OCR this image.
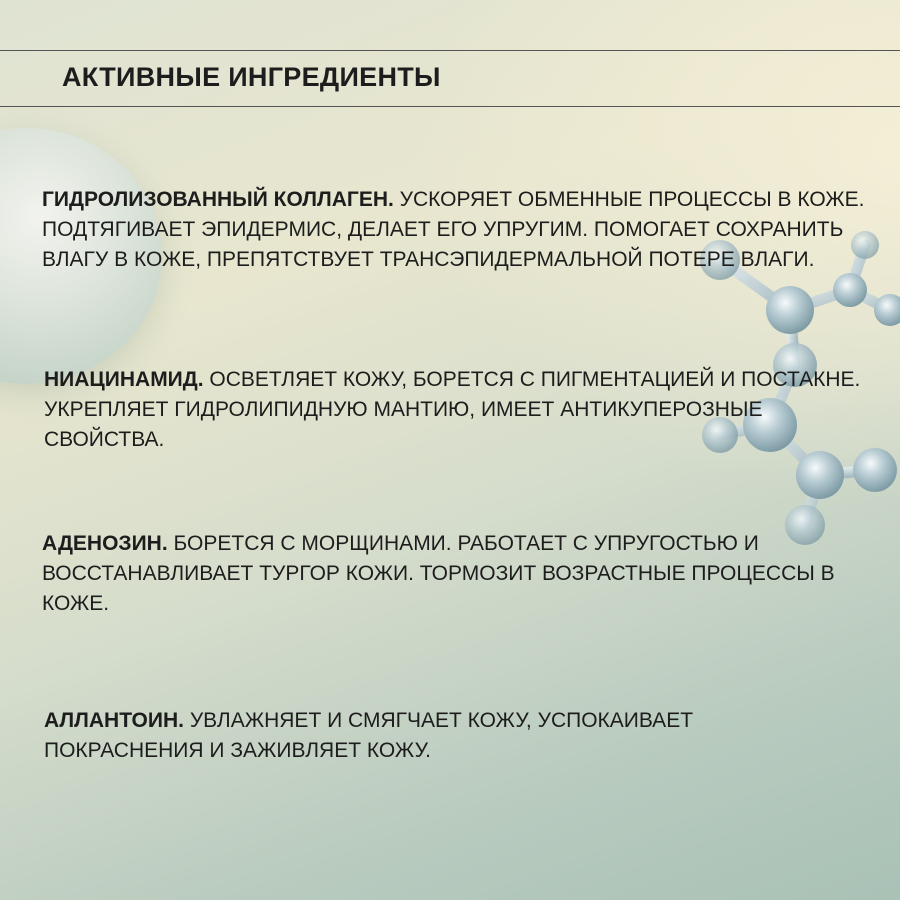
АКТИВНЫЕ ИНГРЕДИЕНТЫ

ГИДРОЛИЗОВАННЫЙ КОЛЛАГЕН. УСКОРЯЕТ ОБМЕННЫЕ ПРОЦЕССЫ В КОЖЕ. ПОДТЯГИВАЕТ ЭПИДЕРМИС, ДЕЛАЕТ ЕГО УПРУГИМ. ПОМОГАЕТ СОХРАНИТЬ ВЛАГУ В КОЖЕ, ПРЕПЯТСТВУЕТ ТРАНСЭПИДЕРМАЛЬНОЙ ПОТЕРЕ ВЛАГИ.

НИАЦИНАМИД. ОСВЕТЛЯЕТ КОЖУ, БОРЕТСЯ С ПИГМЕНТАЦИЕЙ И ПОСТАКНЕ. УКРЕПЛЯЕТ ГИДРОЛИПИДНУЮ МАНТИЮ, ИМЕЕТ АНТИКУПЕРОЗНЫЕ СВОЙСТВА.

АДЕНОЗИН. БОРЕТСЯ С МОРЩИНАМИ. РАБОТАЕТ С УПРУГОСТЬЮ И ВОССТАНАВЛИВАЕТ ТУРГОР КОЖИ. ТОРМОЗИТ ВОЗРАСТНЫЕ ПРОЦЕССЫ В КОЖЕ.

АЛЛАНТОИН. УВЛАЖНЯЕТ И СМЯГЧАЕТ КОЖУ, УСПОКАИВАЕТ ПОКРАСНЕНИЯ И ЗАЖИВЛЯЕТ КОЖУ.
